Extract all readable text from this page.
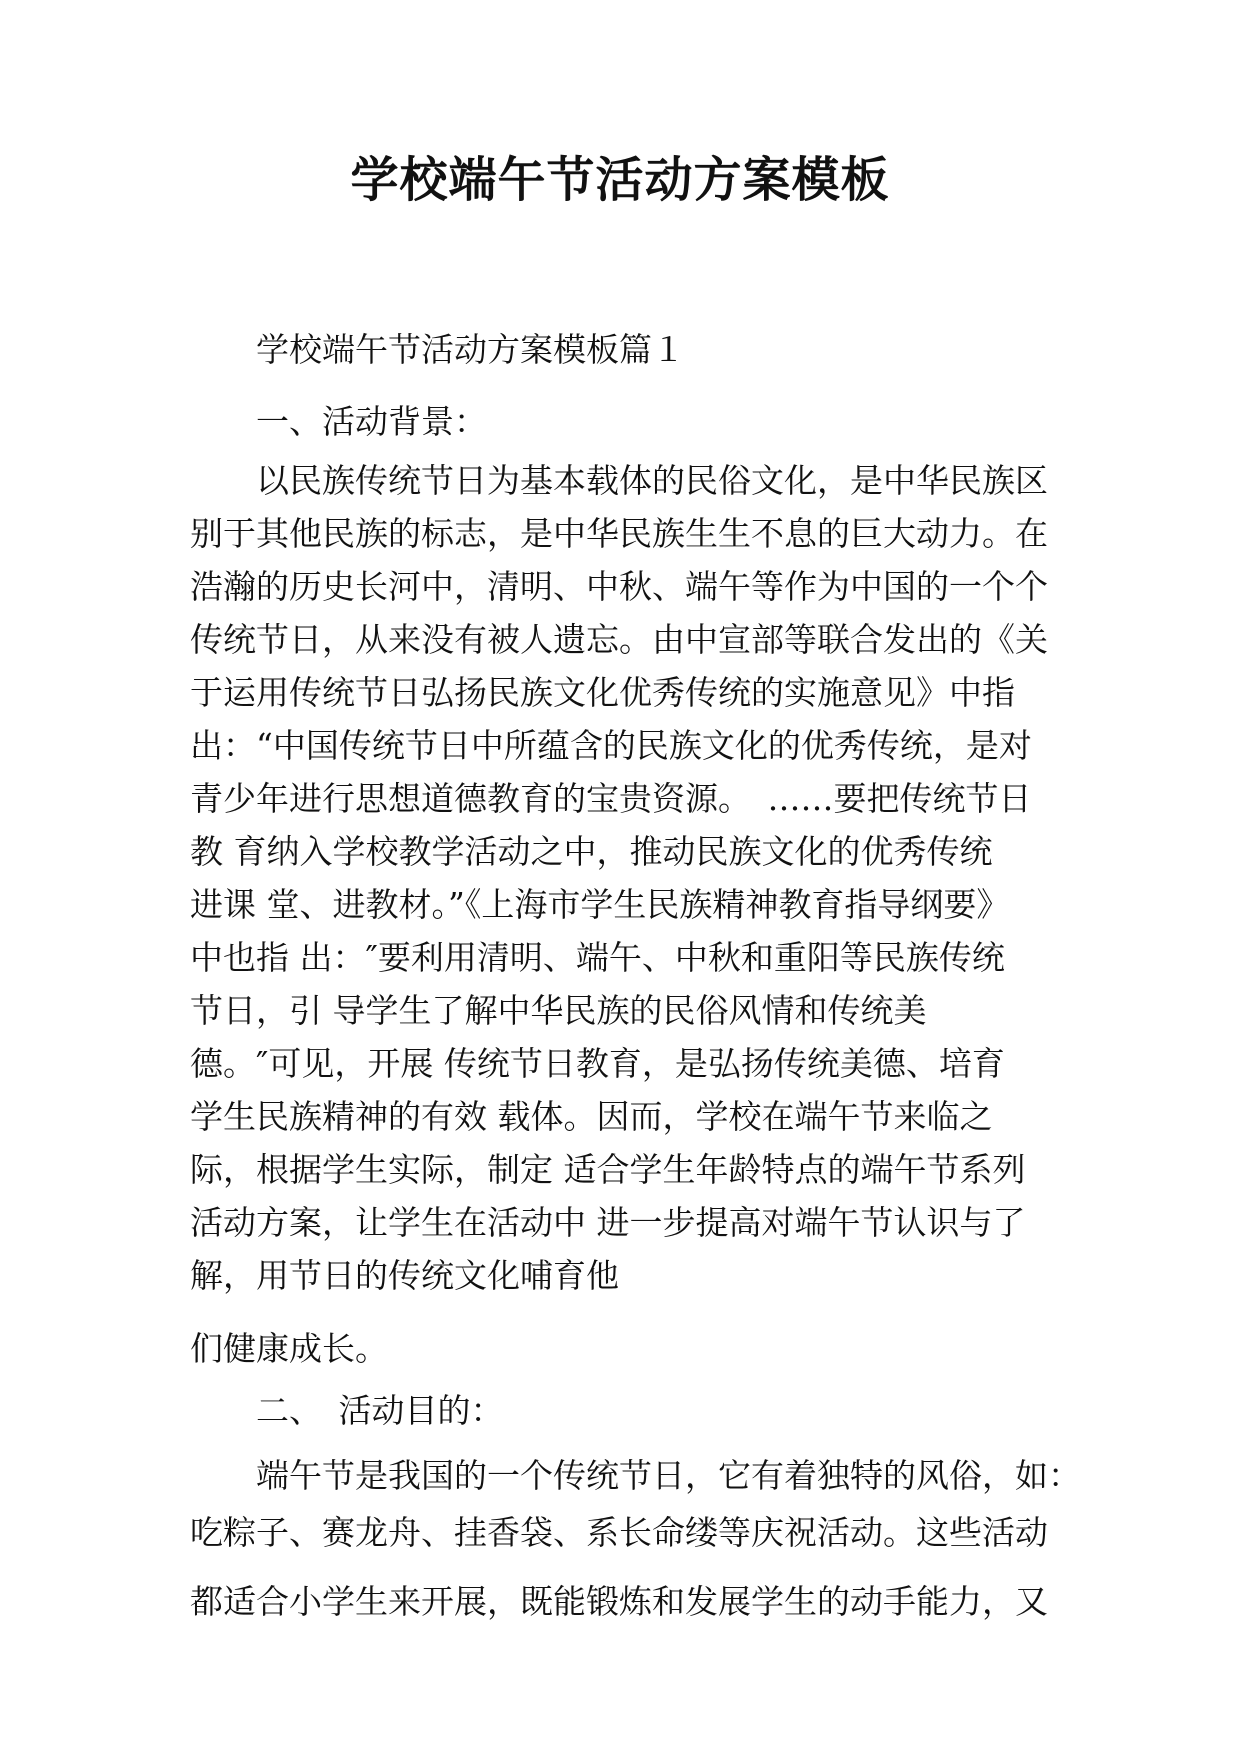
学校端午节活动方案模板

学校端午节活动方案模板篇１

一、活动背景：

以民族传统节日为基本载体的民俗文化，是中华民族区

别于其他民族的标志，是中华民族生生不息的巨大动力。在

浩瀚的历史长河中，清明、中秋、端午等作为中国的一个个

传统节日，从来没有被人遗忘。由中宣部等联合发出的《关

于运用传统节日弘扬民族文化优秀传统的实施意见》中指

出：“中国传统节日中所蕴含的民族文化的优秀传统，是对

青少年进行思想道德教育的宝贵资源。　……要把传统节日

教 育纳入学校教学活动之中，推动民族文化的优秀传统

进课 堂、进教材。”《上海市学生民族精神教育指导纲要》

中也指 出：″要利用清明、端午、中秋和重阳等民族传统

节日，引 导学生了解中华民族的民俗风情和传统美

德。″可见，开展 传统节日教育，是弘扬传统美德、培育

学生民族精神的有效 载体。因而，学校在端午节来临之

际，根据学生实际，制定 适合学生年龄特点的端午节系列

活动方案，让学生在活动中 进一步提高对端午节认识与了

解，用节日的传统文化哺育他

们健康成长。

二、　活动目的：

端午节是我国的一个传统节日，它有着独特的风俗，如：

吃粽子、赛龙舟、挂香袋、系长命缕等庆祝活动。这些活动

都适合小学生来开展，既能锻炼和发展学生的动手能力，又
